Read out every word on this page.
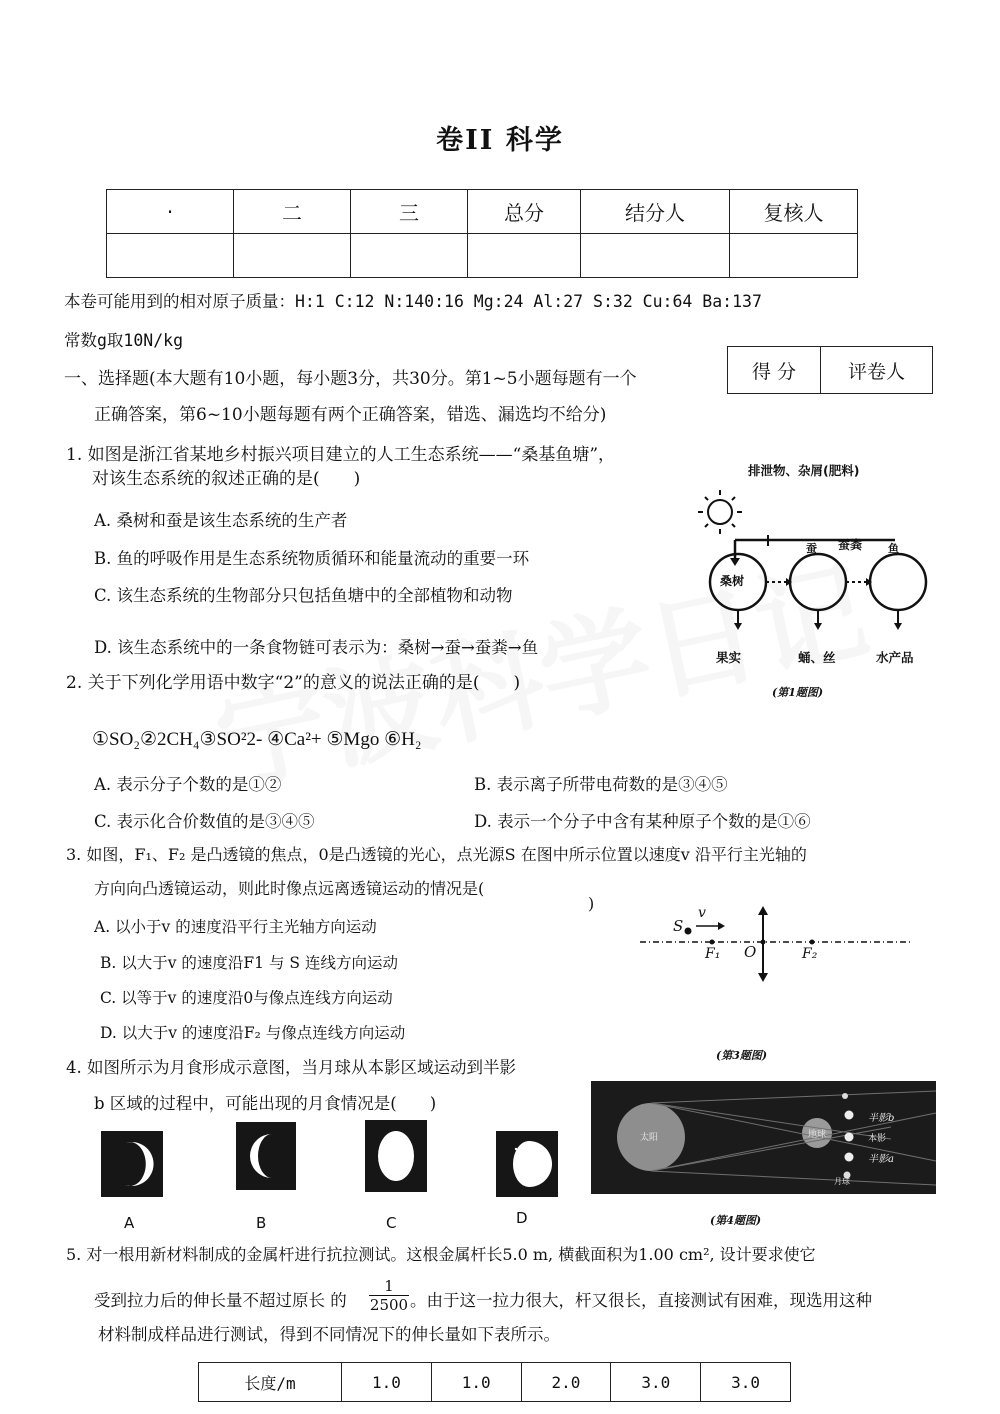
卷II 科学
·	二	三	总分	结分人	复核人

本卷可能用到的相对原子质量：H:1 C:12 N:140:16 Mg:24 Al:27 S:32 Cu:64 Ba:137
常数g取10N/kg
得 分	评卷人
一、选择题(本大题有10小题，每小题3分，共30分。第1~5小题每题有一个
正确答案，第6~10小题每题有两个正确答案，错选、漏选均不给分)
1. 如图是浙江省某地乡村振兴项目建立的人工生态系统——“桑基鱼塘”，
对该生态系统的叙述正确的是(　　)
A. 桑树和蚕是该生态系统的生产者
B. 鱼的呼吸作用是生态系统物质循环和能量流动的重要一环
C. 该生态系统的生物部分只包括鱼塘中的全部植物和动物
D. 该生态系统中的一条食物链可表示为：桑树→蚕→蚕粪→鱼
排泄物、杂屑(肥料)
桑树
蚕 蚕粪 鱼
果实	蛹、丝	水产品
(第1题图)
2. 关于下列化学用语中数字“2”的意义的说法正确的是(　　)
①SO₂②2CH₄③SO²2- ④Ca²+ ⑤Mgo ⑥H₂
A. 表示分子个数的是①②	B. 表示离子所带电荷数的是③④⑤
C. 表示化合价数值的是③④⑤	D. 表示一个分子中含有某种原子个数的是①⑥
3. 如图，F₁、F₂ 是凸透镜的焦点，0是凸透镜的光心，点光源S 在图中所示位置以速度v 沿平行主光轴的
方向向凸透镜运动，则此时像点远离透镜运动的情况是(
)
A. 以小于v 的速度沿平行主光轴方向运动
B. 以大于v 的速度沿F1 与 S 连线方向运动
C. 以等于v 的速度沿0与像点连线方向运动
D. 以大于v 的速度沿F₂ 与像点连线方向运动
S
v
F₁ O	F₂
(第3题图)
4. 如图所示为月食形成示意图，当月球从本影区域运动到半影
b 区域的过程中，可能出现的月食情况是(　　)
A	B	C	D
太阳	地球
半影b
本影
半影a
月球
(第4题图)
5. 对一根用新材料制成的金属杆进行抗拉测试。这根金属杆长5.0 m, 横截面积为1.00 cm², 设计要求使它
受到拉力后的伸长量不超过原长 的 $\frac{1}{2500}$ 。由于这一拉力很大，杆又很长，直接测试有困难，现选用这种
材料制成样品进行测试，得到不同情况下的伸长量如下表所示。
长度/m	1.0	1.0	2.0	3.0	3.0
